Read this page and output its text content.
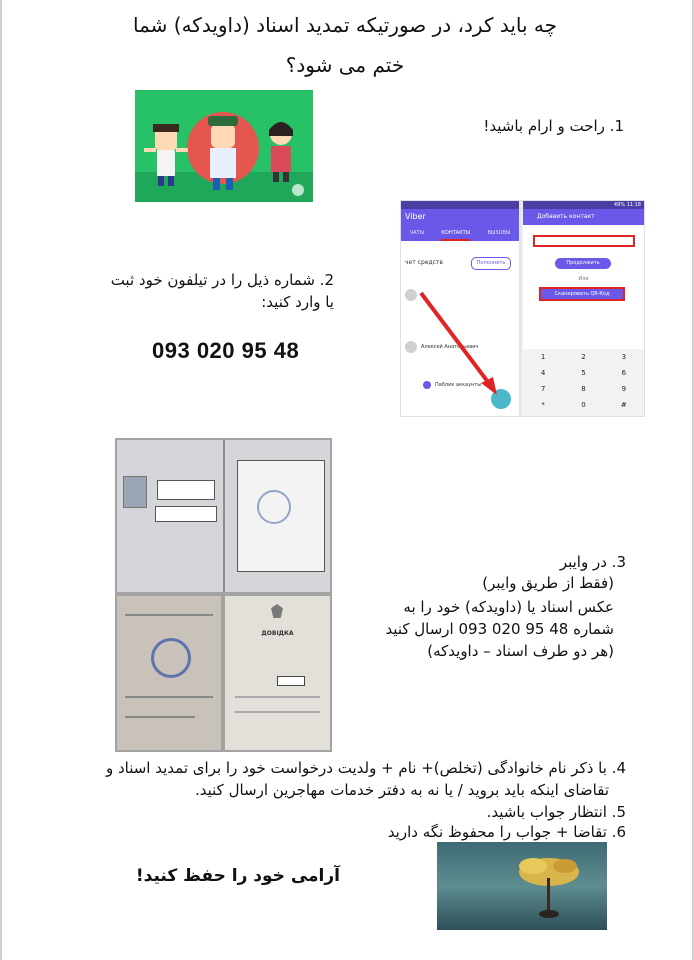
چه باید کرد، در صورتیکه تمدید اسناد (داویدکه) شما
ختم می شود؟
1. راحت و ارام باشید!
Viber
ЧАТЫ	КОНТАКТЫ	ВЫЗОВЫ
чет средств	Пополнить
Алексей Анатольевич
Паблик аккаунты
49% 11:18
Добавить контакт
Продолжить
Или
Сканировать QR-Код
1	2	3
4	5	6
7	8	9
*	0	#
2. شماره ذیل را در تیلفون خود ثبت
یا وارد کنید:
093 020 95 48
ДОВІДКА
3. در وایبر
(فقط از طریق وایبر)
عکس اسناد یا (داویدکه) خود را به
شماره 48 95 020 093 ارسال کنید
(هر دو طرف اسناد – داویدکه)
4. با ذکر نام خانوادگی (تخلص)+ نام + ولدیت درخواست خود را برای تمدید اسناد و
تقاضای اینکه باید بروید / یا نه به دفتر خدمات مهاجرین ارسال کنید.
5. انتظار جواب باشید.
6. تقاضا + جواب را محفوظ نگه دارید
آرامی خود را حفظ کنید!
